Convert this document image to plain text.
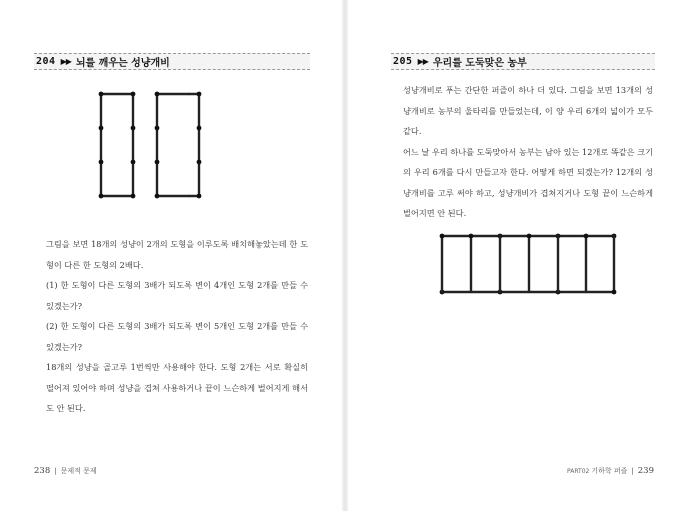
204 ▶▶ 뇌를 깨우는 성냥개비

그림을 보면 18개의 성냥이 2개의 도형을 이루도록 배치해놓았는데 한 도형이 다른 한 도형의 2배다.

(1) 한 도형이 다른 도형의 3배가 되도록 변이 4개인 도형 2개를 만들 수 있겠는가?

(2) 한 도형이 다른 도형의 3배가 되도록 변이 5개인 도형 2개를 만들 수 있겠는가?

18개의 성냥을 골고루 1번씩만 사용해야 한다. 도형 2개는 서로 확실히 떨어져 있어야 하며 성냥을 겹쳐 사용하거나 끝이 느슨하게 벌어지게 해서도 안 된다.

238 | 문제적 문제
205 ▶▶ 우리를 도둑맞은 농부

성냥개비로 푸는 간단한 퍼즐이 하나 더 있다. 그림을 보면 13개의 성냥개비로 농부의 울타리를 만들었는데, 이 양 우리 6개의 넓이가 모두 같다.

어느 날 우리 하나를 도둑맞아서 농부는 남아 있는 12개로 똑같은 크기의 우리 6개를 다시 만들고자 한다. 어떻게 하면 되겠는가? 12개의 성냥개비를 고루 써야 하고, 성냥개비가 겹쳐지거나 도형 끝이 느슨하게 벌어지면 안 된다.

PART02 기하학 퍼즐 | 239
